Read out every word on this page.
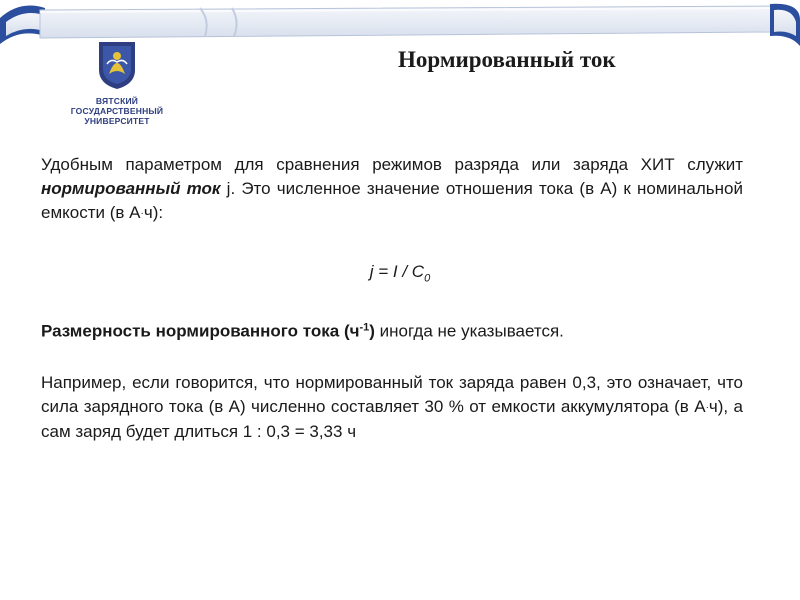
ВЯТСКИЙ
ГОСУДАРСТВЕННЫЙ
УНИВЕРСИТЕТ
Нормированный ток

Удобным параметром для сравнения режимов разряда или заряда ХИТ служит нормированный ток j. Это численное значение отношения тока (в А) к номинальной емкости (в А·ч):

$j = I / C_0$
Размерность нормированного тока $(ч^{-1})$ иногда не указывается.
Например, если говорится, что нормированный ток заряда равен 0,3, это означает, что сила зарядного тока (в А) численно составляет 30 % от емкости аккумулятора (в А·ч), а сам заряд будет длиться 1 : 0,3 = 3,33 ч
